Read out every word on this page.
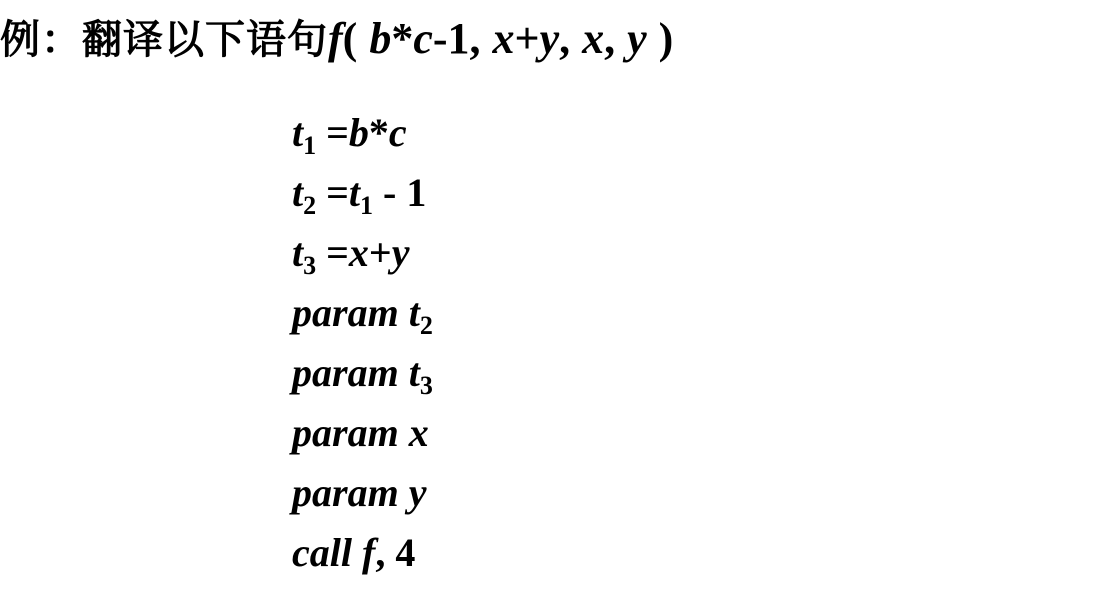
例：翻译以下语句 f( b*c-1, x+y, x, y )
$t_1 =b*c$
$t_2 =t_1 - 1$
$t_3 =x+y$
param $t_2$
param $t_3$
param x
param y
call f, 4
